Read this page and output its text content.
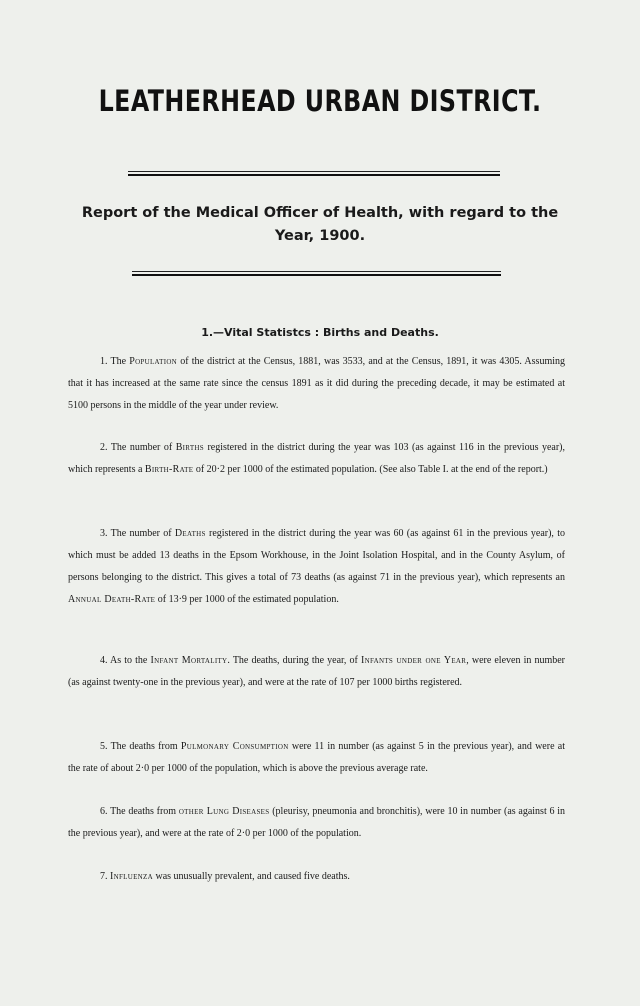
LEATHERHEAD URBAN DISTRICT.
Report of the Medical Officer of Health, with regard to the
Year, 1900.
1.—Vital Statistcs : Births and Deaths.
1. The Population of the district at the Census, 1881, was 3533, and at the Census, 1891, it was 4305. Assuming that it has increased at the same rate since the census 1891 as it did during the preceding decade, it may be estimated at 5100 persons in the middle of the year under review.
2. The number of Births registered in the district during the year was 103 (as against 116 in the previous year), which represents a Birth-Rate of 20·2 per 1000 of the estimated population. (See also Table I. at the end of the report.)
3. The number of Deaths registered in the district during the year was 60 (as against 61 in the previous year), to which must be added 13 deaths in the Epsom Workhouse, in the Joint Isolation Hospital, and in the County Asylum, of persons belonging to the district. This gives a total of 73 deaths (as against 71 in the previous year), which represents an Annual Death-Rate of 13·9 per 1000 of the estimated population.
4. As to the Infant Mortality. The deaths, during the year, of Infants under one Year, were eleven in number (as against twenty-one in the previous year), and were at the rate of 107 per 1000 births registered.
5. The deaths from Pulmonary Consumption were 11 in number (as against 5 in the previous year), and were at the rate of about 2·0 per 1000 of the population, which is above the previous average rate.
6. The deaths from other Lung Diseases (pleurisy, pneumonia and bronchitis), were 10 in number (as against 6 in the previous year), and were at the rate of 2·0 per 1000 of the population.
7. Influenza was unusually prevalent, and caused five deaths.
